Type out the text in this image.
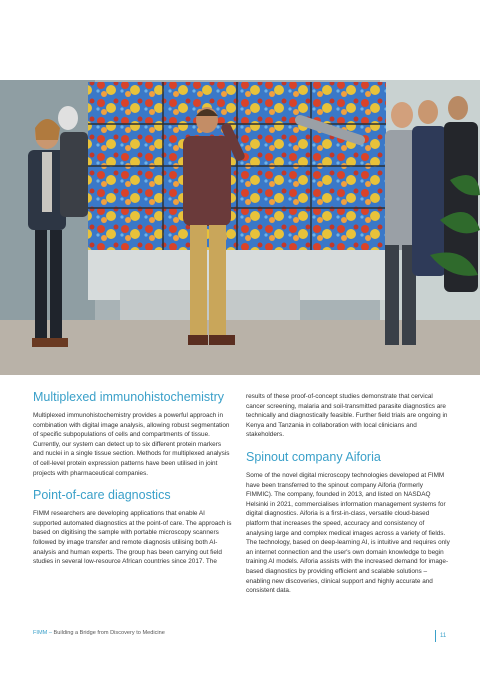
Multiplexed immunohistochemistry

Multiplexed immunohistochemistry provides a powerful approach in combination with digital image analysis, allowing robust segmentation of specific subpopulations of cells and compartments of tissue. Currently, our system can detect up to six different protein markers and nuclei in a single tissue section. Methods for multiplexed analysis of cell-level protein expression patterns have been utilised in joint projects with pharmaceutical companies.

Point-of-care diagnostics

FIMM researchers are developing applications that enable AI supported automated diagnostics at the point-of care. The approach is based on digitising the sample with portable microscopy scanners followed by image transfer and remote diagnosis utilising both AI-analysis and human experts. The group has been carrying out field studies in several low-resource African countries since 2017. The

results of these proof-of-concept studies demonstrate that cervical cancer screening, malaria and soil-transmitted parasite diagnostics are technically and diagnostically feasible. Further field trials are ongoing in Kenya and Tanzania in collaboration with local clinicians and stakeholders.

Spinout company Aiforia

Some of the novel digital microscopy technologies developed at FIMM have been transferred to the spinout company Aiforia (formerly FIMMIC). The company, founded in 2013, and listed on NASDAQ Helsinki in 2021, commercialises information management systems for digital diagnostics. Aiforia is a first-in-class, versatile cloud-based platform that increases the speed, accuracy and consistency of analysing large and complex medical images across a variety of fields. The technology, based on deep-learning AI, is intuitive and requires only an internet connection and the user's own domain knowledge to begin training AI models. Aiforia assists with the increased demand for image-based diagnostics by providing efficient and scalable solutions – enabling new discoveries, clinical support and highly accurate and consistent data.

FIMM – Building a Bridge from Discovery to Medicine	11
